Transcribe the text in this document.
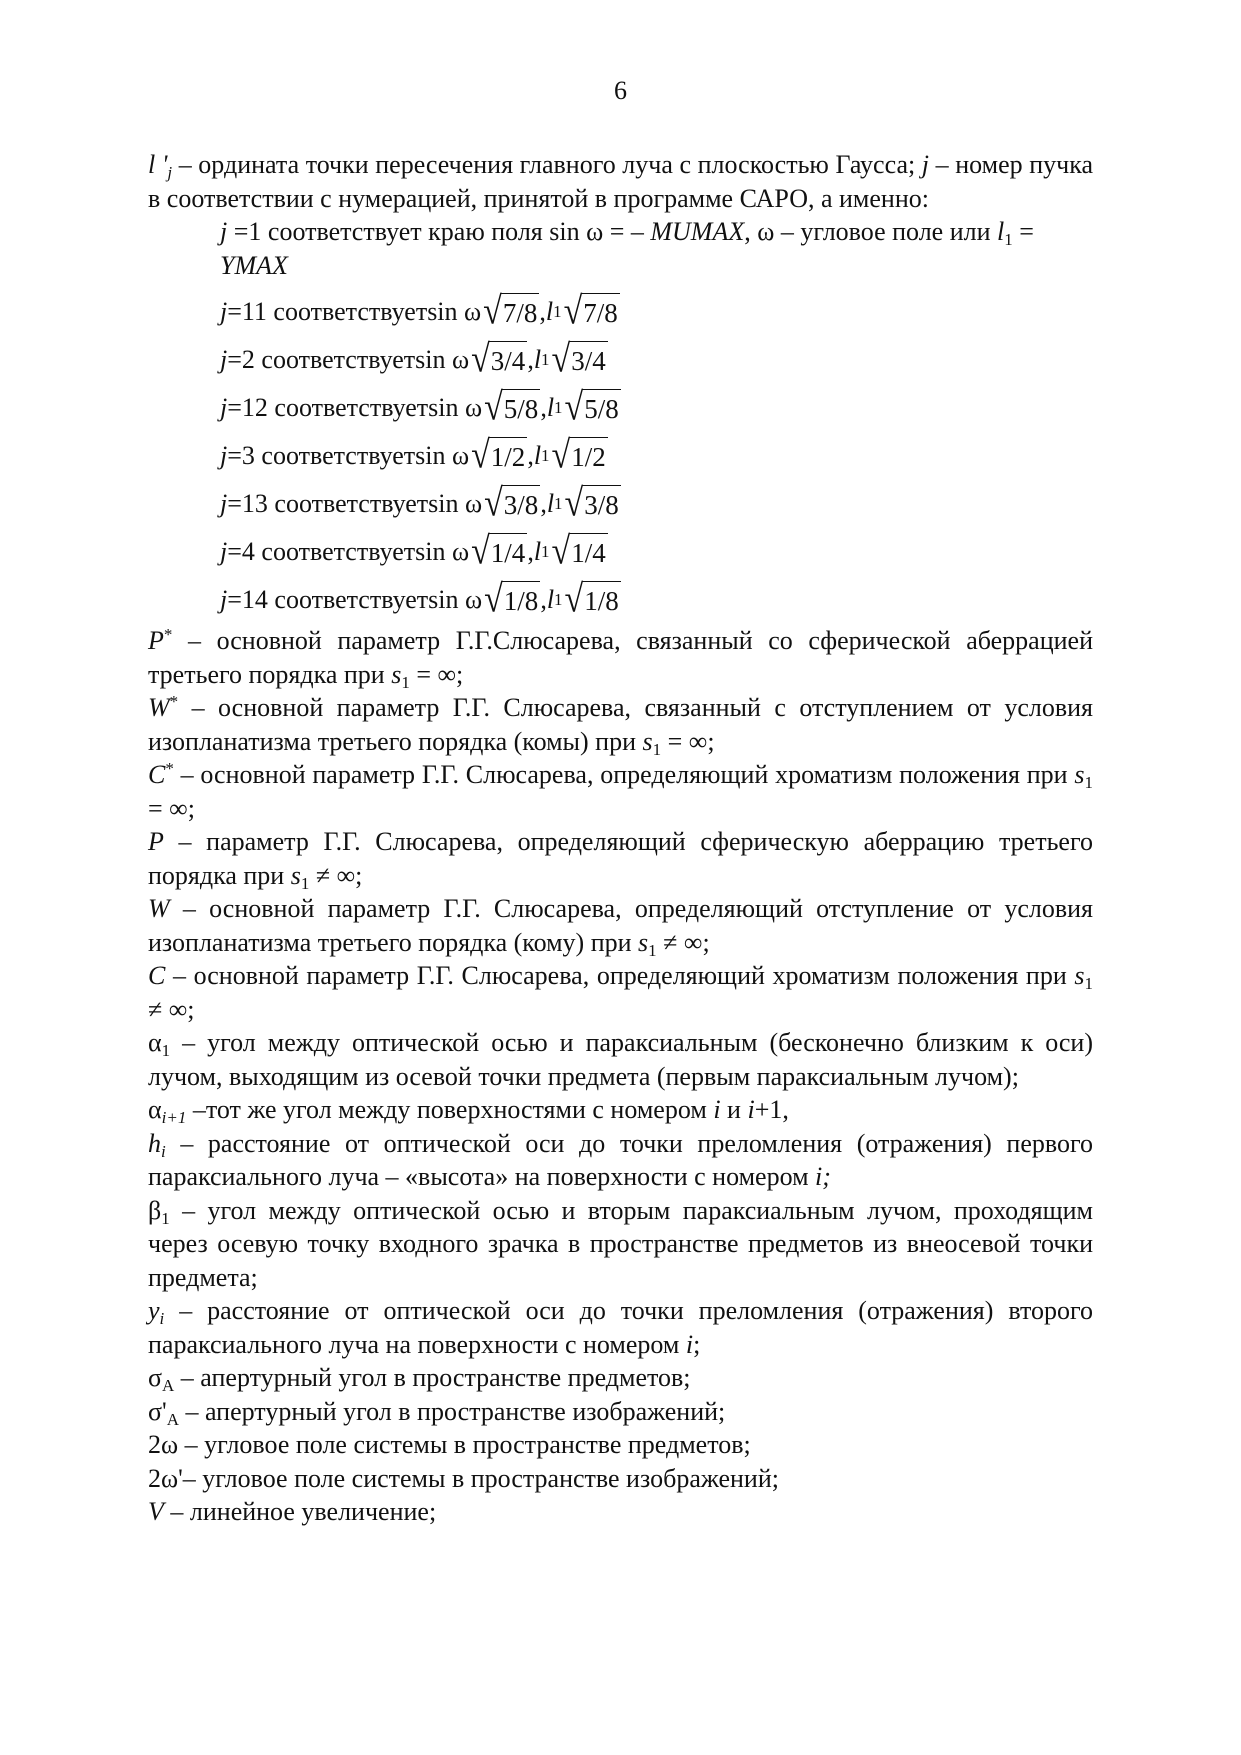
6

l '$_j$ – ордината точки пересечения главного луча с плоскостью Гаусса; j – номер пучка в соответствии с нумерацией, принятой в программе САРО, а именно:

j =1 соответствует краю поля sin ω = – MUMAX, ω – угловое поле или $l_1$ = YMAX
j =11 соответствует sin ω √ 7/8 , l 1 √ 7/8
j =2 соответствует sin ω √ 3/4 , l 1 √ 3/4
j =12 соответствует sin ω √ 5/8 , l 1 √ 5/8
j =3 соответствует sin ω √ 1/2 , l 1 √ 1/2
j =13 соответствует sin ω √ 3/8 , l 1 √ 3/8
j =4 соответствует sin ω √ 1/4 , l 1 √ 1/4
j =14 соответствует sin ω √ 1/8 , l 1 √ 1/8

P* – основной параметр Г.Г.Слюсарева, связанный со сферической аберрацией третьего порядка при $s_1$ = ∞;

W* – основной параметр Г.Г. Слюсарева, связанный с отступлением от условия изопланатизма третьего порядка (комы) при $s_1$ = ∞;

C* – основной параметр Г.Г. Слюсарева, определяющий хроматизм положения при $s_1$ = ∞;

P – параметр Г.Г. Слюсарева, определяющий сферическую аберрацию третьего порядка при $s_1$ ≠ ∞;

W – основной параметр Г.Г. Слюсарева, определяющий отступление от условия изопланатизма третьего порядка (кому) при $s_1$ ≠ ∞;

C – основной параметр Г.Г. Слюсарева, определяющий хроматизм положения при $s_1$ ≠ ∞;

$\alpha_1$ – угол между оптической осью и параксиальным (бесконечно близким к оси) лучом, выходящим из осевой точки предмета (первым параксиальным лучом);

$\alpha_{i+1}$ –тот же угол между поверхностями с номером i и i+1,

$h_i$ – расстояние от оптической оси до точки преломления (отражения) первого параксиального луча – «высота» на поверхности с номером i;

$\beta_1$ – угол между оптической осью и вторым параксиальным лучом, проходящим через осевую точку входного зрачка в пространстве предметов из внеосевой точки предмета;

$y_i$ – расстояние от оптической оси до точки преломления (отражения) второго параксиального луча на поверхности с номером i;

$\sigma_A$ – апертурный угол в пространстве предметов;

$\sigma'_A$ – апертурный угол в пространстве изображений;

2ω – угловое поле системы в пространстве предметов;

2ω'– угловое поле системы в пространстве изображений;

V – линейное увеличение;
